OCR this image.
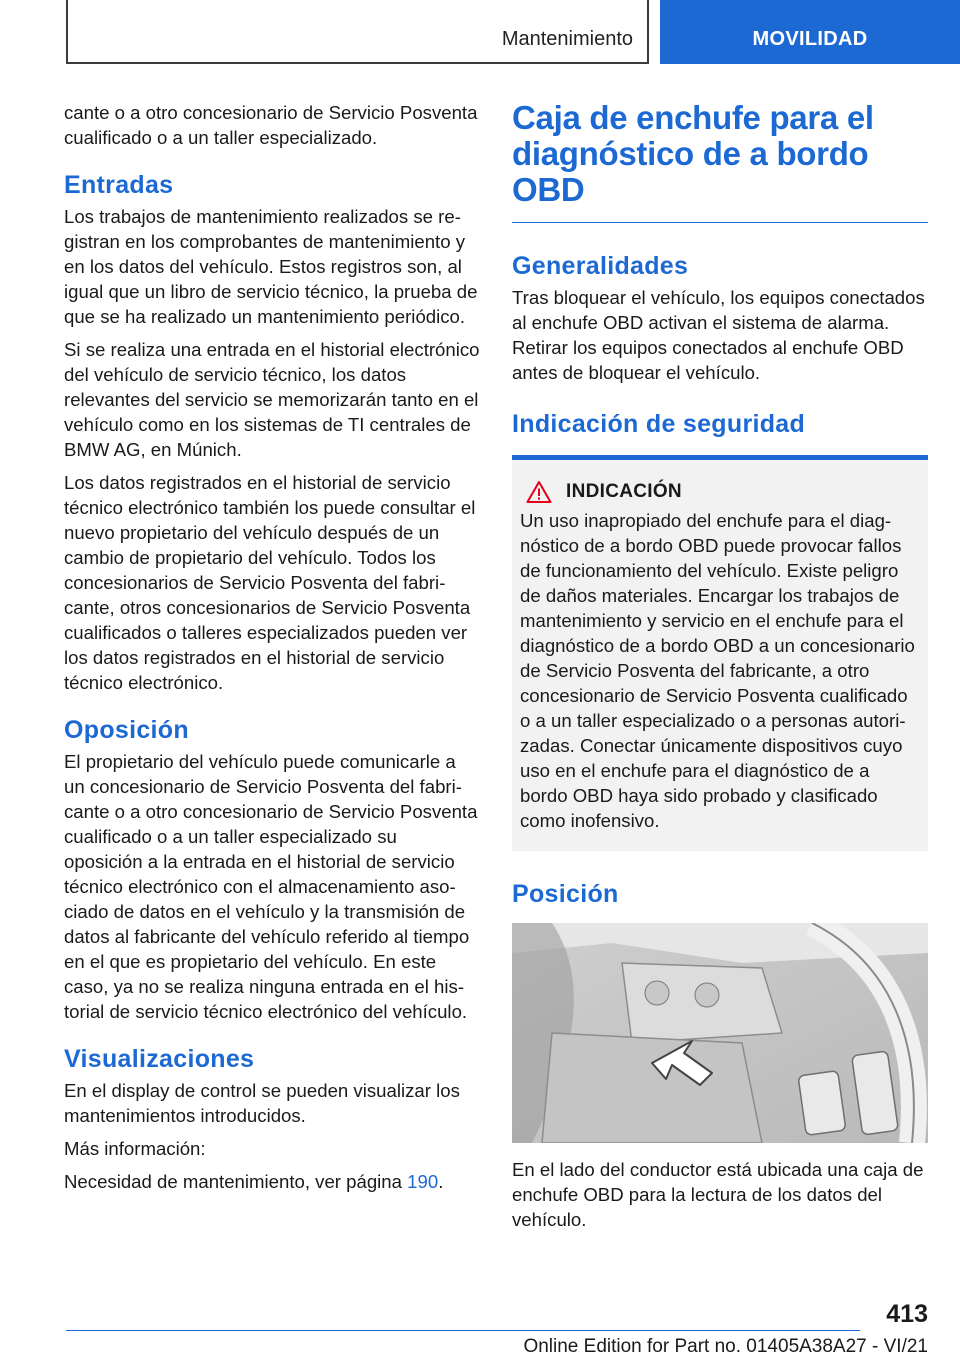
Mantenimiento	MOVILIDAD

cante o a otro concesionario de Servicio Posventa cualificado o a un taller especializado.

Entradas

Los trabajos de mantenimiento realizados se registran en los comprobantes de mantenimiento y en los datos del vehículo. Estos registros son, al igual que un libro de servicio técnico, la prueba de que se ha realizado un mantenimiento periódico.

Si se realiza una entrada en el historial electrónico del vehículo de servicio técnico, los datos relevantes del servicio se memorizarán tanto en el vehículo como en los sistemas de TI centrales de BMW AG, en Múnich.

Los datos registrados en el historial de servicio técnico electrónico también los puede consultar el nuevo propietario del vehículo después de un cambio de propietario del vehículo. Todos los concesionarios de Servicio Posventa del fabricante, otros concesionarios de Servicio Posventa cualificados o talleres especializados pueden ver los datos registrados en el historial de servicio técnico electrónico.

Oposición

El propietario del vehículo puede comunicarle a un concesionario de Servicio Posventa del fabricante o a otro concesionario de Servicio Posventa cualificado o a un taller especializado su oposición a la entrada en el historial de servicio técnico electrónico con el almacenamiento asociado de datos en el vehículo y la transmisión de datos al fabricante del vehículo referido al tiempo en el que es propietario del vehículo. En este caso, ya no se realiza ninguna entrada en el historial de servicio técnico electrónico del vehículo.

Visualizaciones

En el display de control se pueden visualizar los mantenimientos introducidos.

Más información:

Necesidad de mantenimiento, ver página 190.

Caja de enchufe para el diagnóstico de a bordo OBD
Generalidades

Tras bloquear el vehículo, los equipos conectados al enchufe OBD activan el sistema de alarma. Retirar los equipos conectados al enchufe OBD antes de bloquear el vehículo.

Indicación de seguridad
INDICACIÓN

Un uso inapropiado del enchufe para el diagnóstico de a bordo OBD puede provocar fallos de funcionamiento del vehículo. Existe peligro de daños materiales. Encargar los trabajos de mantenimiento y servicio en el enchufe para el diagnóstico de a bordo OBD a un concesionario de Servicio Posventa del fabricante, a otro concesionario de Servicio Posventa cualificado o a un taller especializado o a personas autorizadas. Conectar únicamente dispositivos cuyo uso en el enchufe para el diagnóstico de a bordo OBD haya sido probado y clasificado como inofensivo.

Posición

En el lado del conductor está ubicada una caja de enchufe OBD para la lectura de los datos del vehículo.

413
Online Edition for Part no. 01405A38A27 - VI/21
